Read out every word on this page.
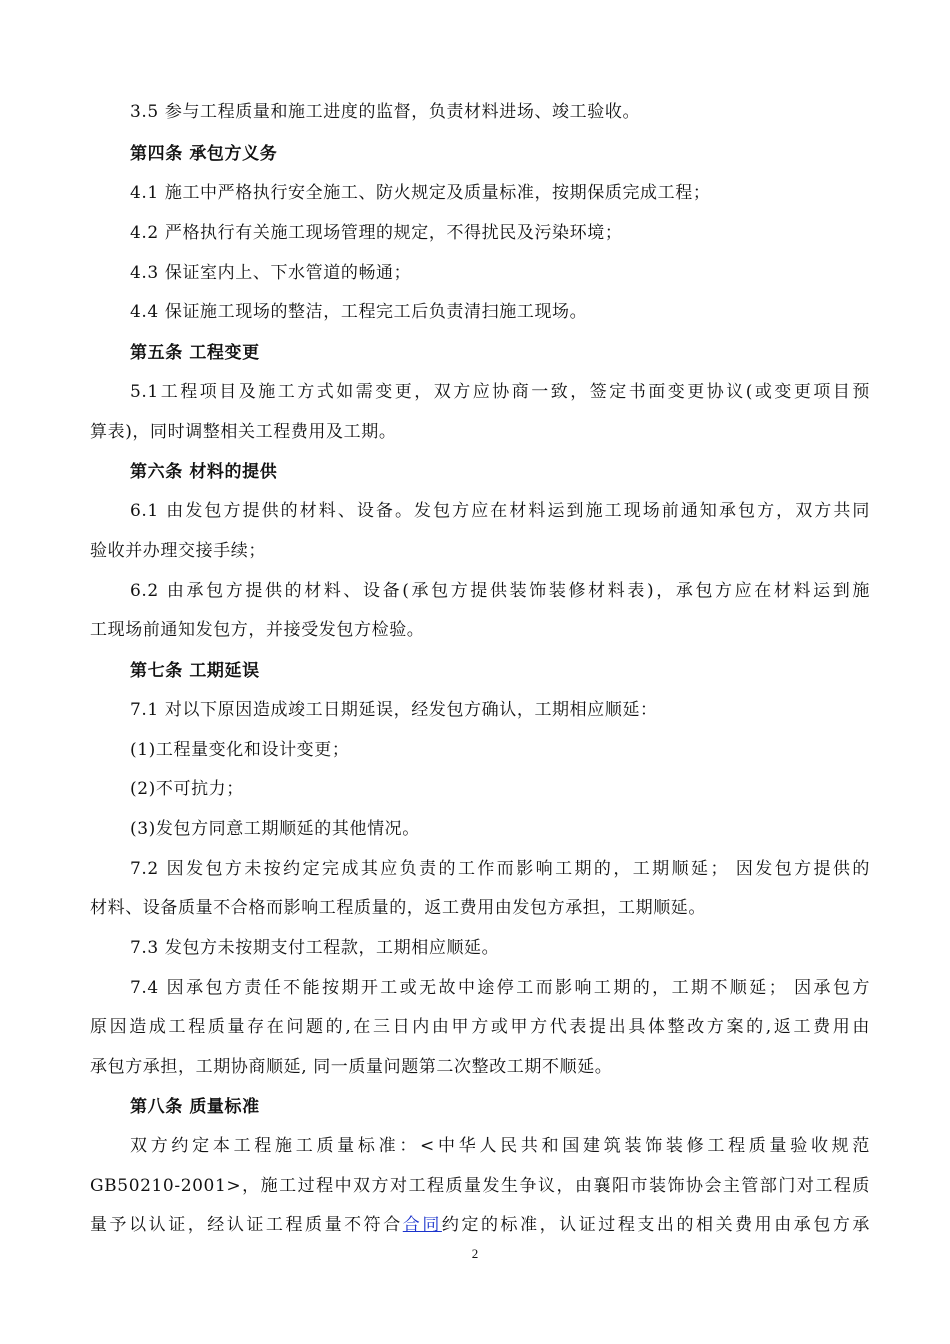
3.5 参与工程质量和施工进度的监督，负责材料进场、竣工验收。
第四条 承包方义务
4.1 施工中严格执行安全施工、防火规定及质量标准，按期保质完成工程；
4.2 严格执行有关施工现场管理的规定，不得扰民及污染环境；
4.3 保证室内上、下水管道的畅通；
4.4 保证施工现场的整洁，工程完工后负责清扫施工现场。
第五条 工程变更
5.1工程项目及施工方式如需变更，双方应协商一致，签定书面变更协议(或变更项目预
算表)，同时调整相关工程费用及工期。
第六条 材料的提供
6.1 由发包方提供的材料、设备。发包方应在材料运到施工现场前通知承包方，双方共同
验收并办理交接手续；
6.2 由承包方提供的材料、设备(承包方提供装饰装修材料表)，承包方应在材料运到施
工现场前通知发包方，并接受发包方检验。
第七条 工期延误
7.1 对以下原因造成竣工日期延误，经发包方确认，工期相应顺延：
(1)工程量变化和设计变更；
(2)不可抗力；
(3)发包方同意工期顺延的其他情况。
7.2 因发包方未按约定完成其应负责的工作而影响工期的，工期顺延； 因发包方提供的
材料、设备质量不合格而影响工程质量的，返工费用由发包方承担，工期顺延。
7.3 发包方未按期支付工程款，工期相应顺延。
7.4 因承包方责任不能按期开工或无故中途停工而影响工期的，工期不顺延； 因承包方
原因造成工程质量存在问题的,在三日内由甲方或甲方代表提出具体整改方案的,返工费用由
承包方承担，工期协商顺延, 同一质量问题第二次整改工期不顺延。
第八条 质量标准
双方约定本工程施工质量标准：<中华人民共和国建筑装饰装修工程质量验收规范
GB50210-2001>，施工过程中双方对工程质量发生争议，由襄阳市装饰协会主管部门对工程质
量予以认证，经认证工程质量不符合合同约定的标准，认证过程支出的相关费用由承包方承
2
